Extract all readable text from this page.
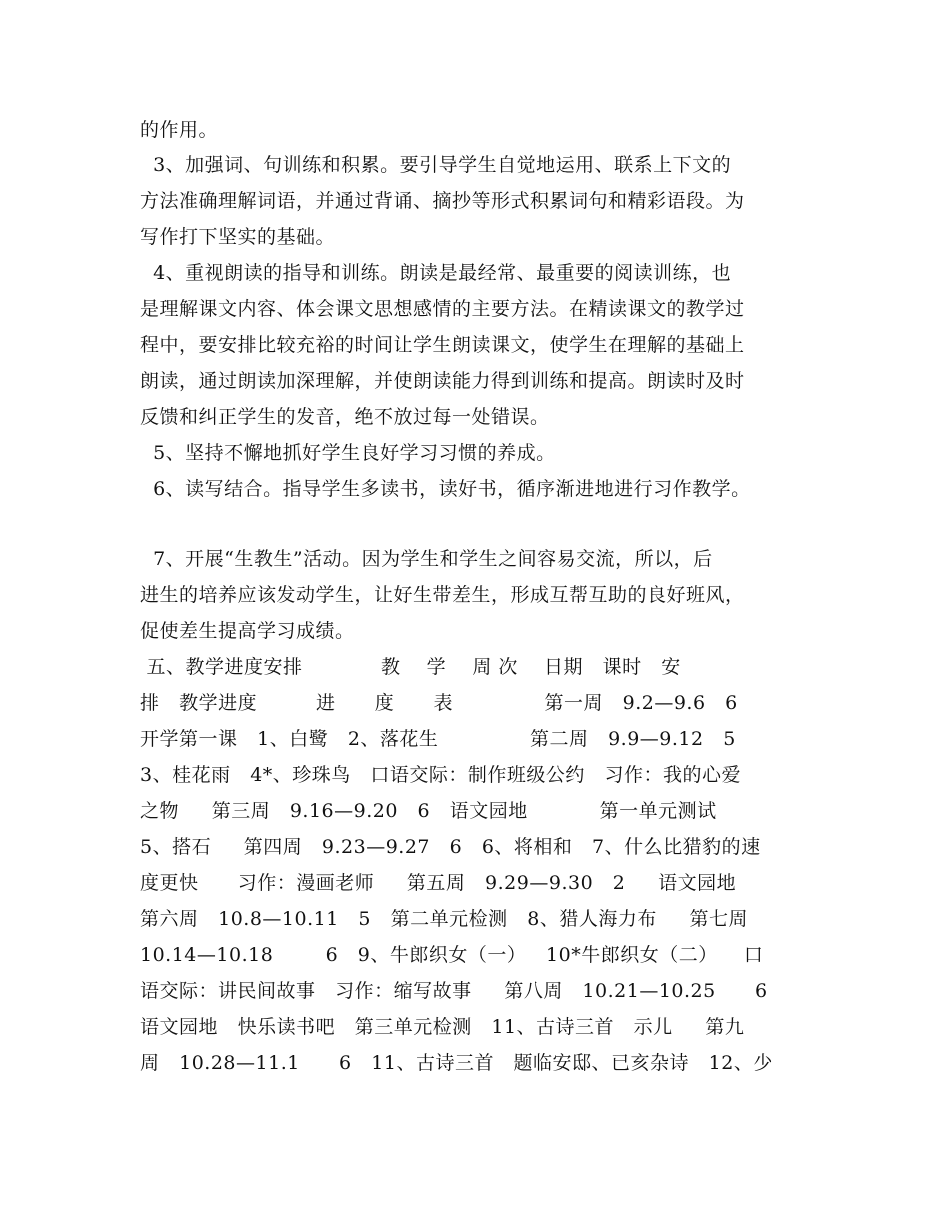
的作用。
3、加强词、句训练和积累。要引导学生自觉地运用、联系上下文的
方法准确理解词语，并通过背诵、摘抄等形式积累词句和精彩语段。为
写作打下坚实的基础。
4、重视朗读的指导和训练。朗读是最经常、最重要的阅读训练，也
是理解课文内容、体会课文思想感情的主要方法。在精读课文的教学过
程中，要安排比较充裕的时间让学生朗读课文，使学生在理解的基础上
朗读，通过朗读加深理解，并使朗读能力得到训练和提高。朗读时及时
反馈和纠正学生的发音，绝不放过每一处错误。
5、坚持不懈地抓好学生良好学习习惯的养成。
6、读写结合。指导学生多读书，读好书，循序渐进地进行习作教学。
7、开展“生教生”活动。因为学生和学生之间容易交流，所以，后
进生的培养应该发动学生，让好生带差生，形成互帮互助的良好班风，
促使差生提高学习成绩。
五、教学进度安排            教    学    周 次    日期   课时   安
排   教学进度         进      度      表              第一周   9.2—9.6   6
开学第一课   1、白鹭   2、落花生              第二周   9.9—9.12   5
3、桂花雨   4*、珍珠鸟   口语交际：制作班级公约   习作：我的心爱
之物     第三周   9.16—9.20   6   语文园地           第一单元测试
5、搭石     第四周   9.23—9.27   6   6、将相和   7、什么比猎豹的速
度更快      习作：漫画老师     第五周   9.29—9.30   2     语文园地
第六周   10.8—10.11   5   第二单元检测   8、猎人海力布     第七周
10.14—10.18        6   9、牛郎织女（一）   10*牛郎织女（二）    口
语交际：讲民间故事   习作：缩写故事     第八周   10.21—10.25      6
语文园地   快乐读书吧   第三单元检测   11、古诗三首   示儿     第九
周   10.28—11.1      6   11、古诗三首   题临安邸、已亥杂诗   12、少
